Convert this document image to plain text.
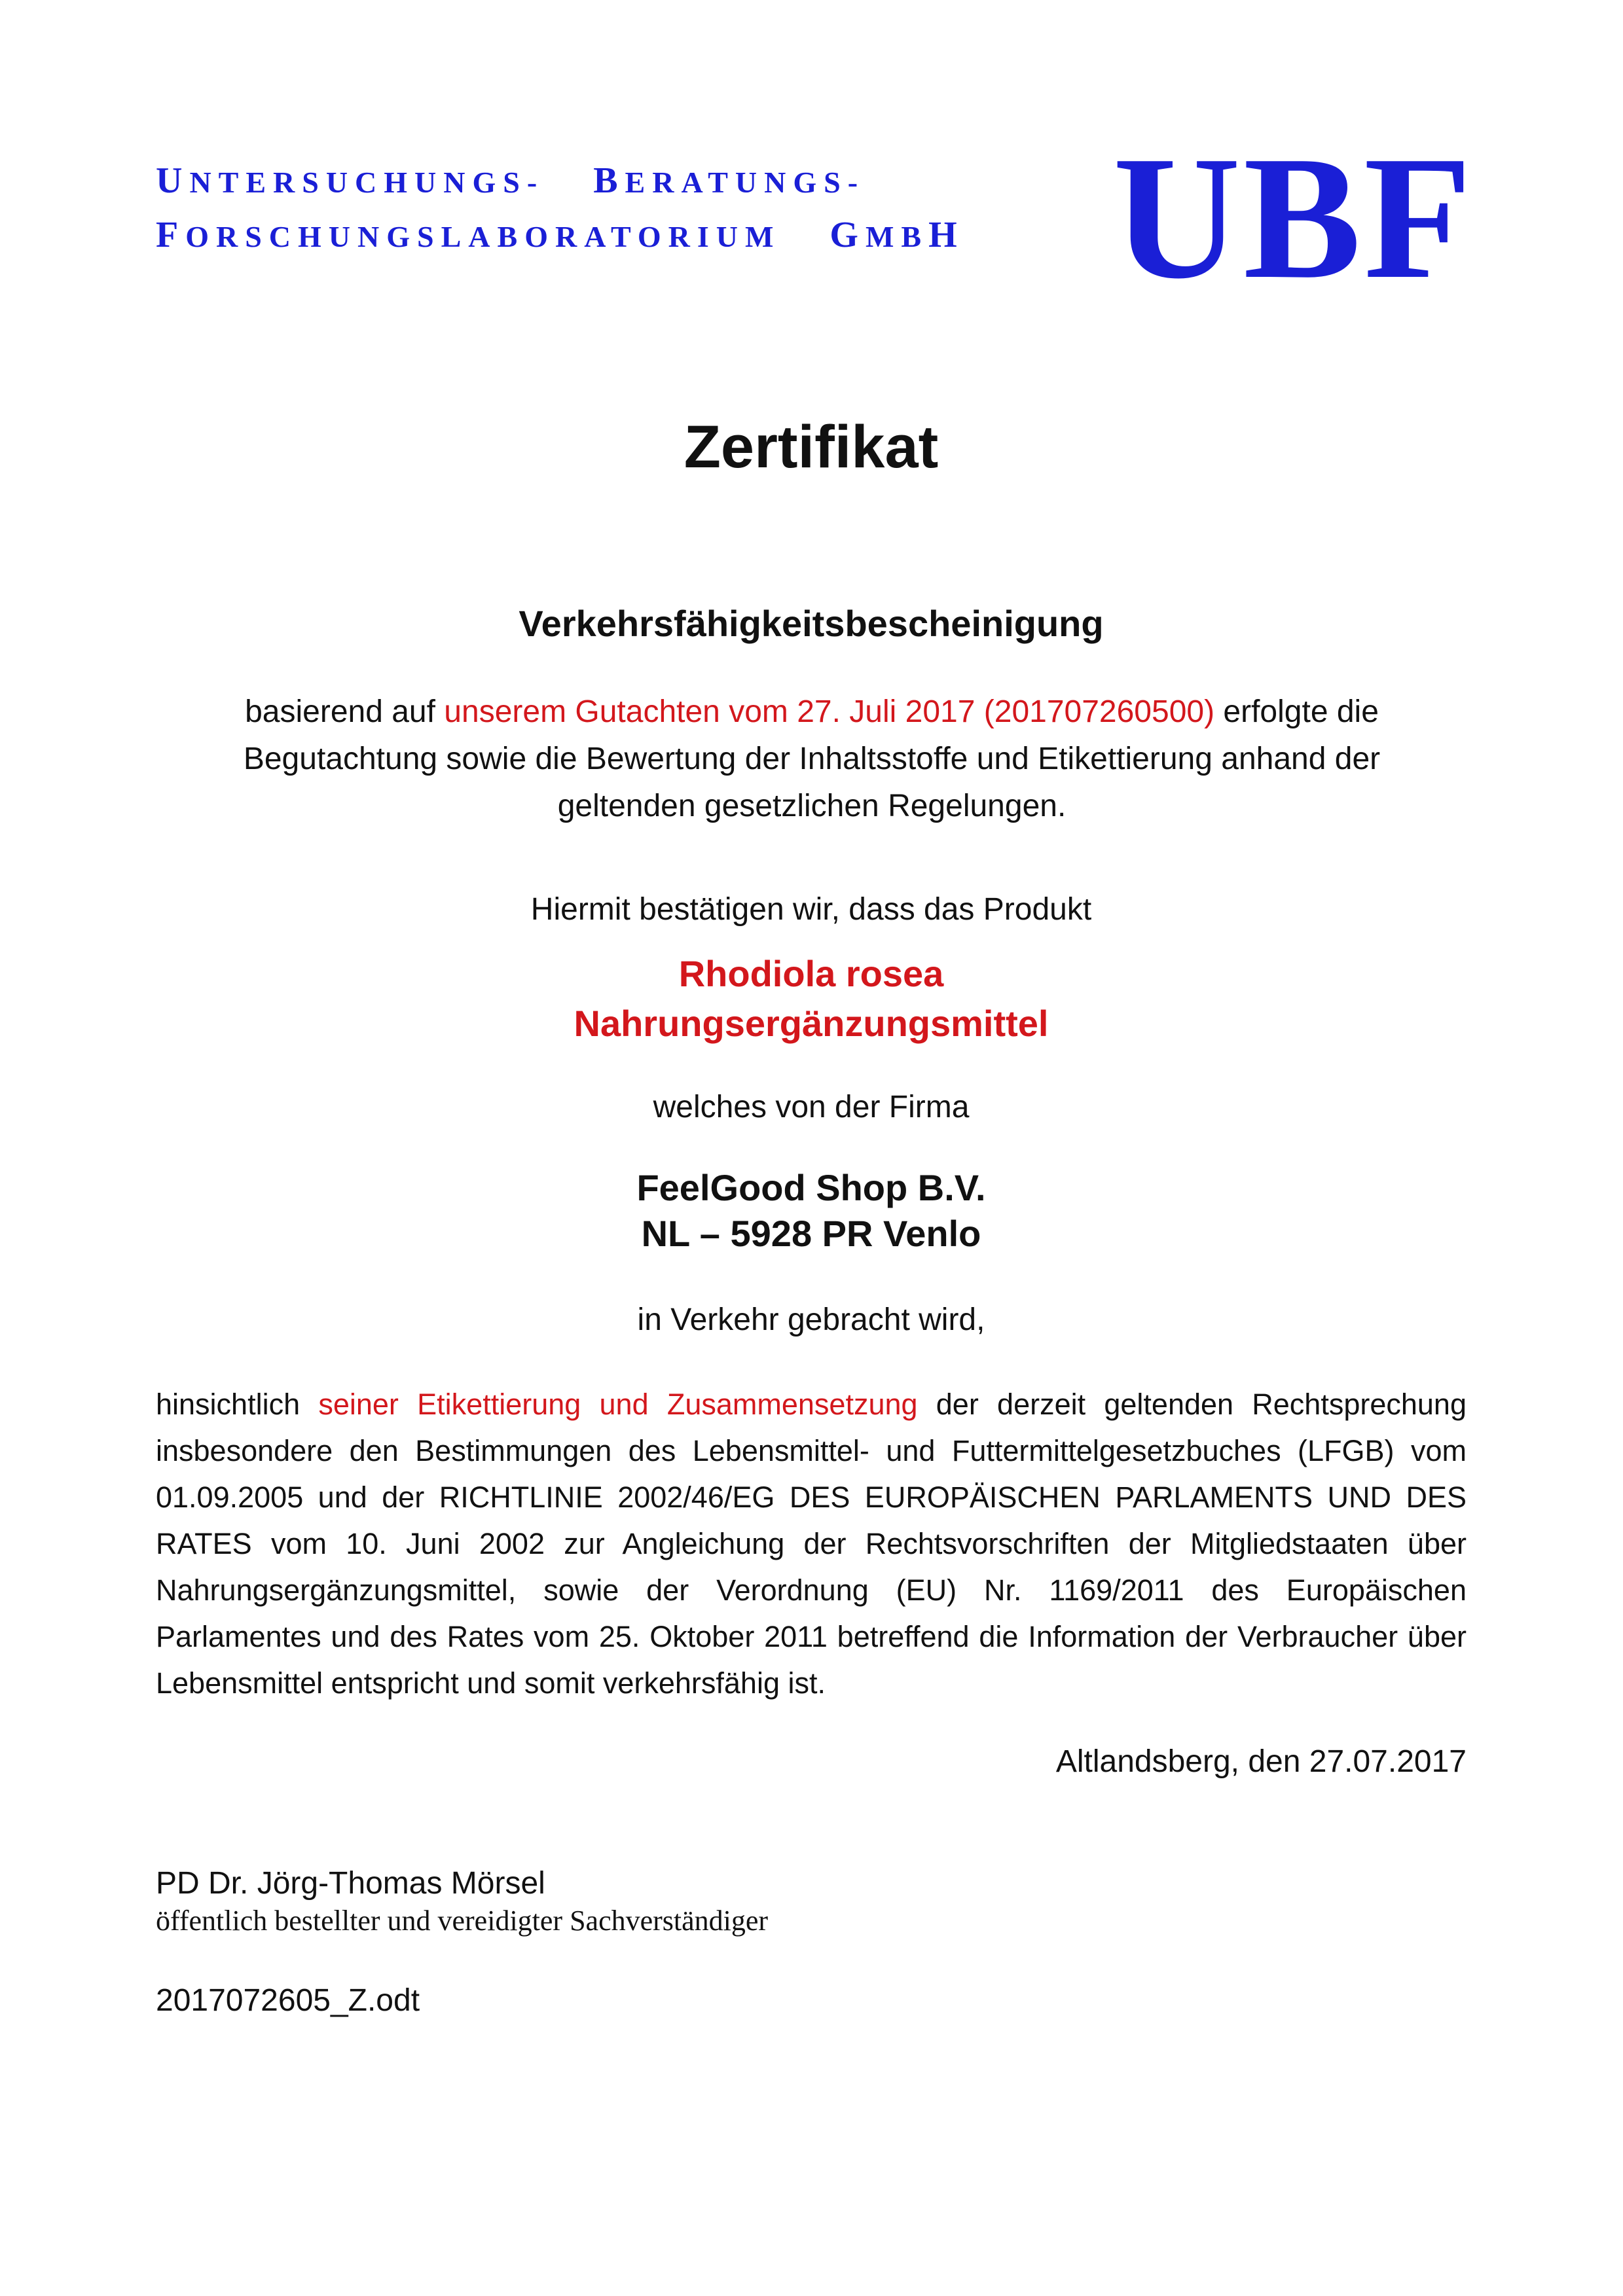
UNTERSUCHUNGS- BERATUNGS-
FORSCHUNGSLABORATORIUM GMBH UBF
Zertifikat
Verkehrsfähigkeitsbescheinigung
basierend auf unserem Gutachten vom 27. Juli 2017 (201707260500) erfolgte die Begutachtung sowie die Bewertung der Inhaltsstoffe und Etikettierung anhand der geltenden gesetzlichen Regelungen.
Hiermit bestätigen wir, dass das Produkt
Rhodiola rosea
Nahrungsergänzungsmittel
welches von der Firma
FeelGood Shop B.V.
NL – 5928 PR Venlo
in Verkehr gebracht wird,
hinsichtlich seiner Etikettierung und Zusammensetzung der derzeit geltenden Rechtsprechung insbesondere den Bestimmungen des Lebensmittel- und Futtermittelgesetzbuches (LFGB) vom 01.09.2005 und der RICHTLINIE 2002/46/EG DES EUROPÄISCHEN PARLAMENTS UND DES RATES vom 10. Juni 2002 zur Angleichung der Rechtsvorschriften der Mitgliedstaaten über Nahrungsergänzungsmittel, sowie der Verordnung (EU) Nr. 1169/2011 des Europäischen Parlamentes und des Rates vom 25. Oktober 2011 betreffend die Information der Verbraucher über Lebensmittel entspricht und somit verkehrsfähig ist.
Altlandsberg, den 27.07.2017
PD Dr. Jörg-Thomas Mörsel
öffentlich bestellter und vereidigter Sachverständiger
2017072605_Z.odt
